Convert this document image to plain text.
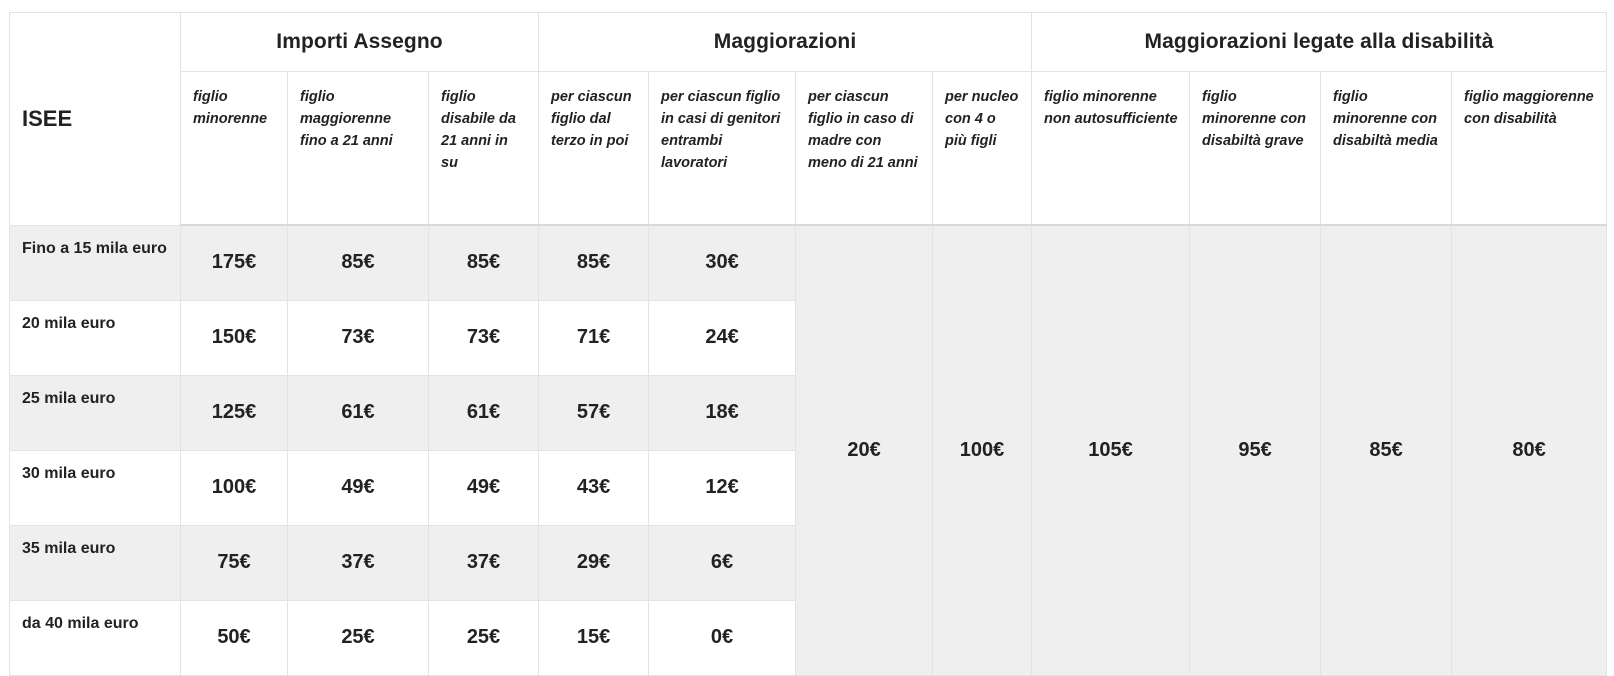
ISEE	Importi Assegno			Maggiorazioni				Maggiorazioni legate alla disabilità			
	figlio minorenne	figlio maggiorenne fino a 21 anni	figlio disabile da 21 anni in su	per ciascun figlio dal terzo in poi	per ciascun figlio in casi di genitori entrambi lavoratori	per ciascun figlio in caso di madre con meno di 21 anni	per nucleo con 4 o più figli	figlio minorenne non autosufficiente	figlio minorenne con disabiltà grave	figlio minorenne con disabiltà media	figlio maggiorenne con disabilità
Fino a 15 mila euro	175€	85€	85€	85€	30€	20€	100€	105€	95€	85€	80€
20 mila euro	150€	73€	73€	71€	24€						
25 mila euro	125€	61€	61€	57€	18€						
30 mila euro	100€	49€	49€	43€	12€						
35 mila euro	75€	37€	37€	29€	6€						
da 40 mila euro	50€	25€	25€	15€	0€						
